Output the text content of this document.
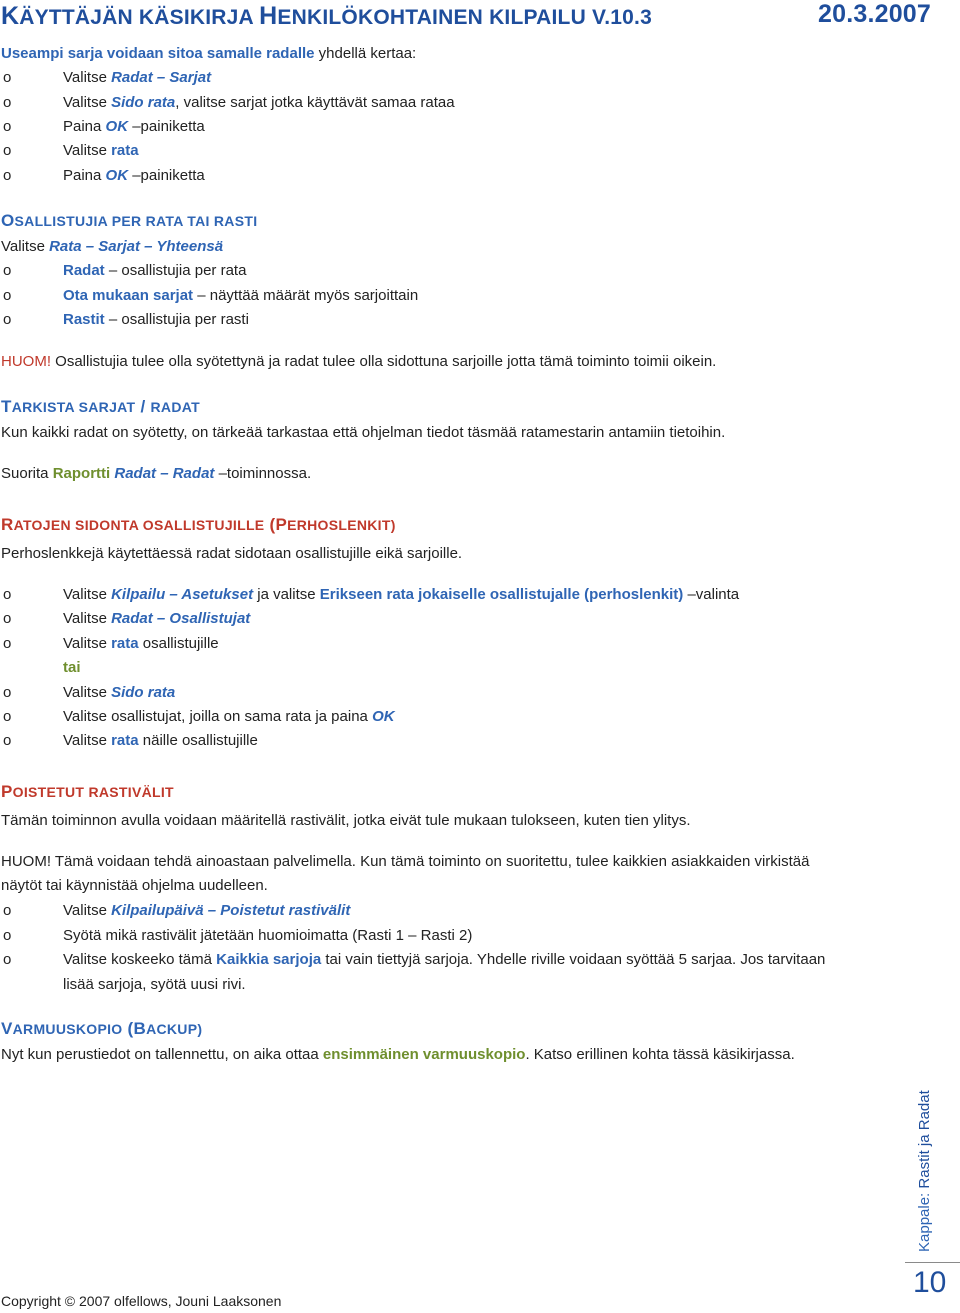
KÄYTTÄJÄN KÄSIKIRJA HENKILÖKOHTAINEN KILPAILU V.10.3	20.3.2007
Useampi sarja voidaan sitoa samalle radalle yhdellä kertaa:
o	Valitse Radat – Sarjat
o	Valitse Sido rata, valitse sarjat jotka käyttävät samaa rataa
o	Paina OK –painiketta
o	Valitse rata
o	Paina OK –painiketta
OSALLISTUJIA PER RATA TAI RASTI
Valitse Rata – Sarjat – Yhteensä
o	Radat – osallistujia per rata
o	Ota mukaan sarjat – näyttää määrät myös sarjoittain
o	Rastit – osallistujia per rasti
HUOM! Osallistujia tulee olla syötettynä ja radat tulee olla sidottuna sarjoille jotta tämä toiminto toimii oikein.
TARKISTA SARJAT / RADAT
Kun kaikki radat on syötetty, on tärkeää tarkastaa että ohjelman tiedot täsmää ratamestarin antamiin tietoihin.
Suorita Raportti Radat – Radat –toiminnossa.
RATOJEN SIDONTA OSALLISTUJILLE (PERHOSLENKIT)
Perhoslenkkejä käytettäessä radat sidotaan osallistujille eikä sarjoille.
o	Valitse Kilpailu – Asetukset ja valitse Erikseen rata jokaiselle osallistujalle (perhoslenkit) –valinta
o	Valitse Radat – Osallistujat
o	Valitse rata osallistujille
tai
o	Valitse Sido rata
o	Valitse osallistujat, joilla on sama rata ja paina OK
o	Valitse rata näille osallistujille
POISTETUT RASTIVÄLIT
Tämän toiminnon avulla voidaan määritellä rastivälit, jotka eivät tule mukaan tulokseen, kuten tien ylitys.
HUOM! Tämä voidaan tehdä ainoastaan palvelimella. Kun tämä toiminto on suoritettu, tulee kaikkien asiakkaiden virkistää
näytöt tai käynnistää ohjelma uudelleen.
o	Valitse Kilpailupäivä – Poistetut rastivälit
o	Syötä mikä rastivälit jätetään huomioimatta (Rasti 1 – Rasti 2)
o	Valitse koskeeko tämä Kaikkia sarjoja tai vain tiettyjä sarjoja. Yhdelle riville voidaan syöttää 5 sarjaa. Jos tarvitaan
lisää sarjoja, syötä uusi rivi.
VARMUUSKOPIO (BACKUP)
Nyt kun perustiedot on tallennettu, on aika ottaa ensimmäinen varmuuskopio. Katso erillinen kohta tässä käsikirjassa.
Kappale: Rastit ja Radat
10
Copyright © 2007 olfellows, Jouni Laaksonen
